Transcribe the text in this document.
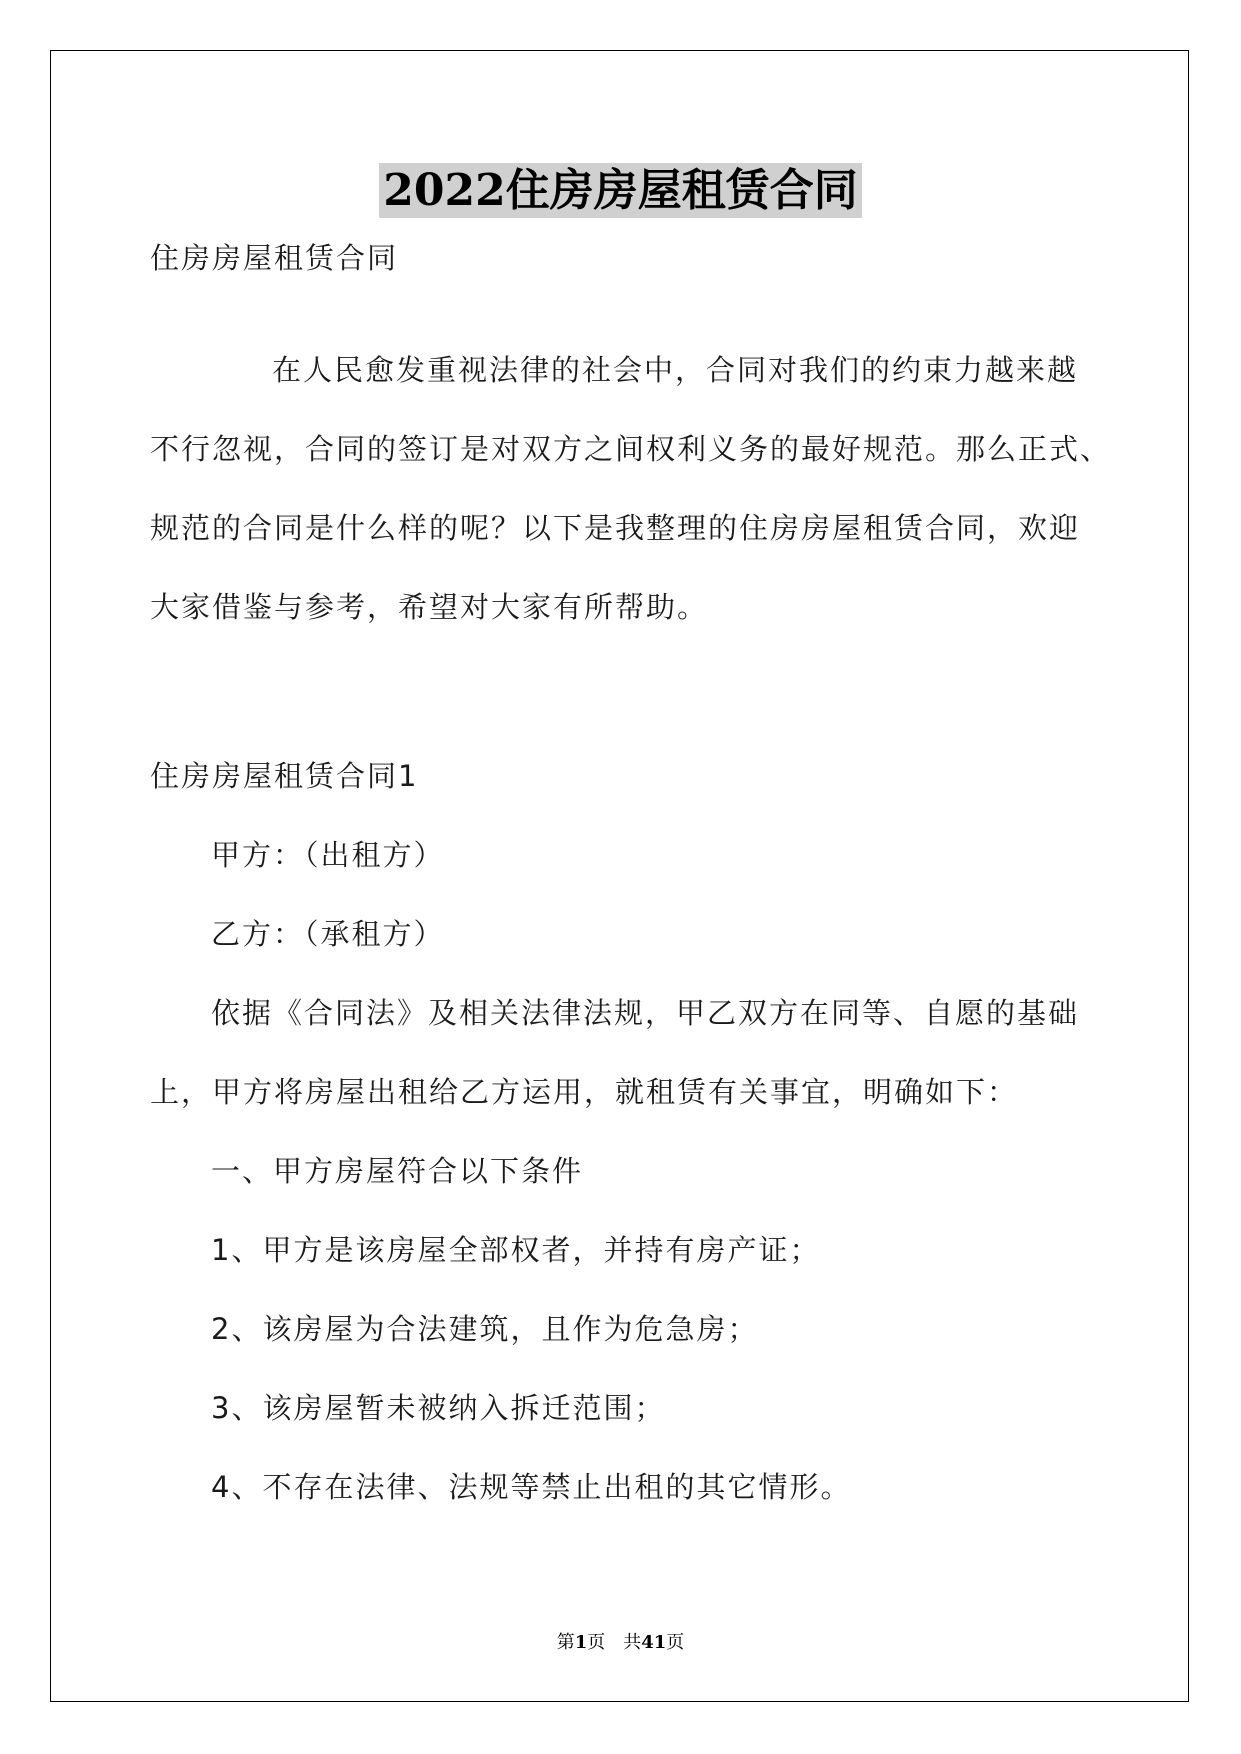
2022住房房屋租赁合同

住房房屋租赁合同

在人民愈发重视法律的社会中，合同对我们的约束力越来越

不行忽视，合同的签订是对双方之间权利义务的最好规范。那么正式、

规范的合同是什么样的呢？以下是我整理的住房房屋租赁合同，欢迎

大家借鉴与参考，希望对大家有所帮助。

住房房屋租赁合同1

甲方：（出租方）

乙方：（承租方）

依据《合同法》及相关法律法规，甲乙双方在同等、自愿的基础

上，甲方将房屋出租给乙方运用，就租赁有关事宜，明确如下：

一、甲方房屋符合以下条件

1、甲方是该房屋全部权者，并持有房产证；

2、该房屋为合法建筑，且作为危急房；

3、该房屋暂未被纳入拆迁范围；

4、不存在法律、法规等禁止出租的其它情形。

第1页　共41页
